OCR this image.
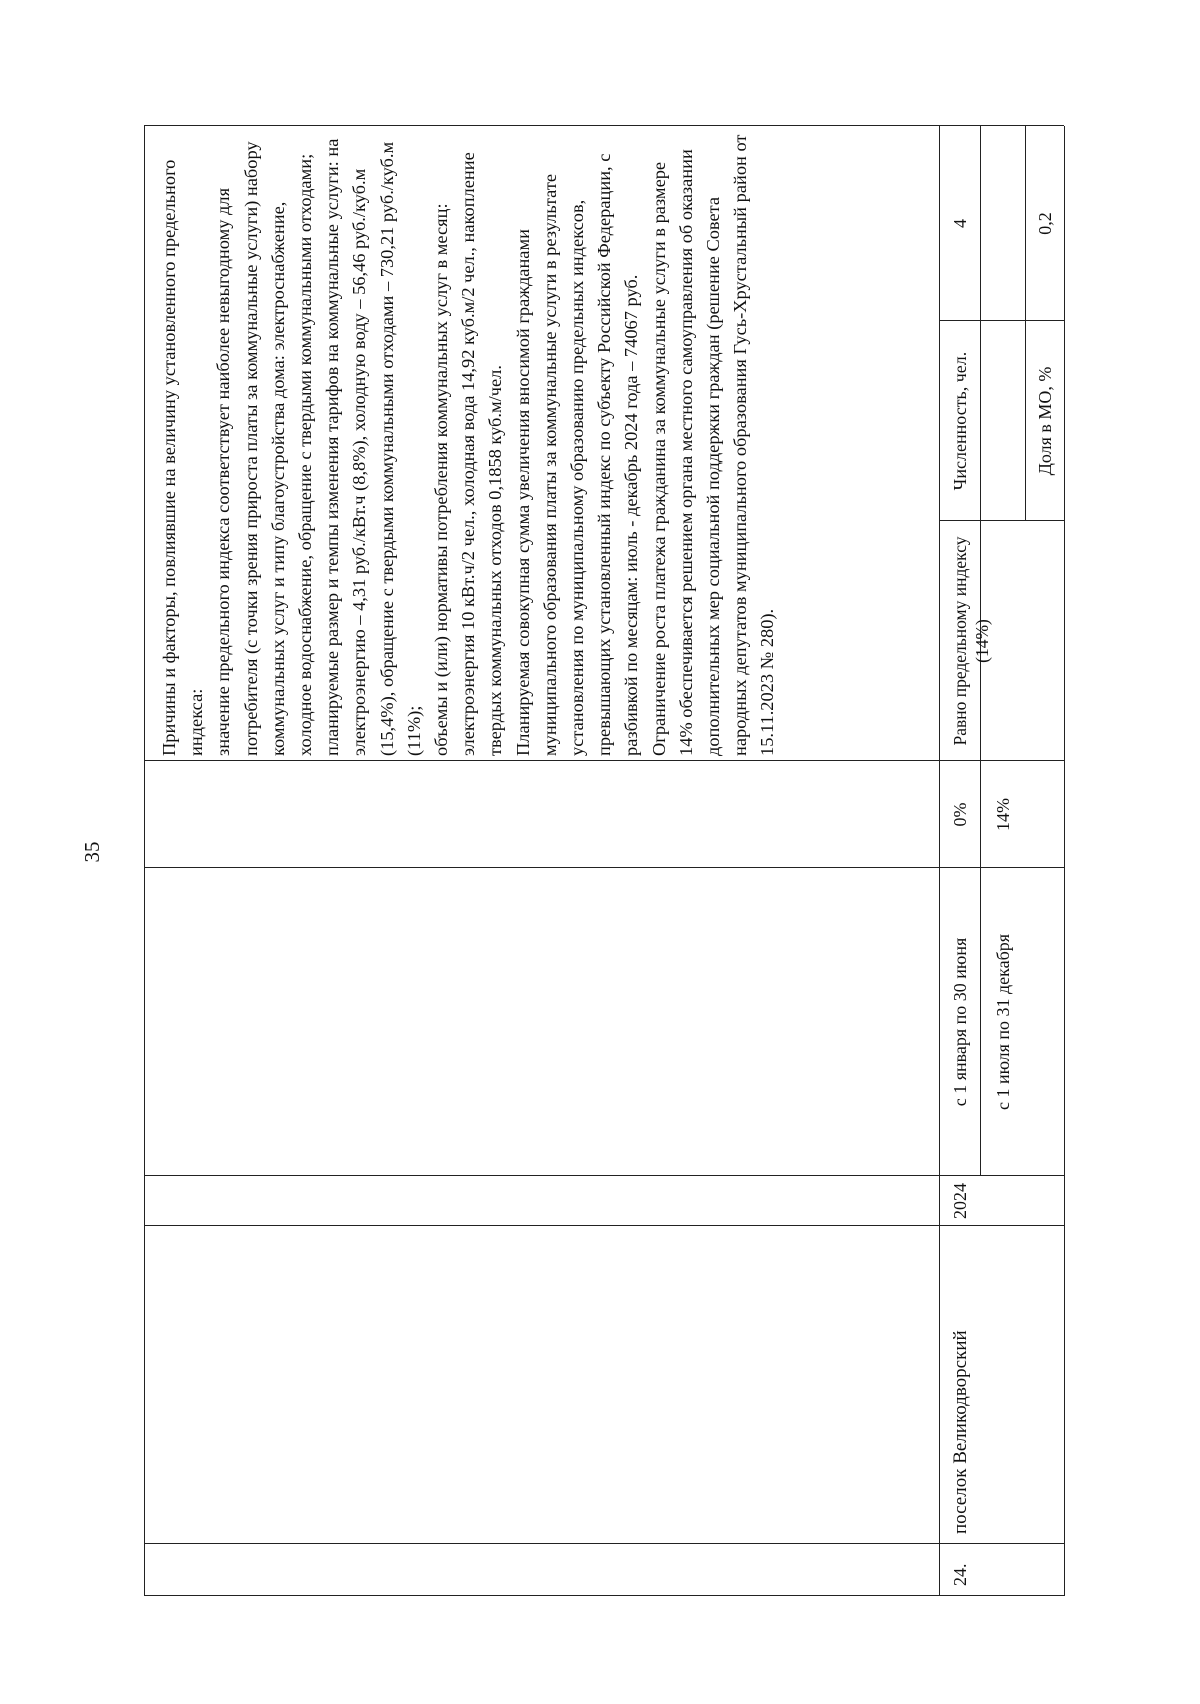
35
24.
поселок Великодворский
2024
с 1 января по 30 июня
0%
с 1 июля по 31 декабря
14%
Равно предельному индексу (14%)
Численность, чел.
4
Доля в МО, %
0,2

Причины и факторы, повлиявшие на величину установленного предельного индекса: значение предельного индекса соответствует наиболее невыгодному для потребителя (с точки зрения прироста платы за коммунальные услуги) набору коммунальных услуг и типу благоустройства дома: электроснабжение, холодное водоснабжение, обращение с твердыми коммунальными отходами; планируемые размер и темпы изменения тарифов на коммунальные услуги: на электроэнергию – 4,31 руб./кВт.ч (8,8%), холодную воду – 56,46 руб./куб.м (15,4%), обращение с твердыми коммунальными отходами – 730,21 руб./куб.м (11%); объемы и (или) нормативы потребления коммунальных услуг в месяц: электроэнергия 10 кВт.ч/2 чел., холодная вода 14,92 куб.м/2 чел., накопление твердых коммунальных отходов 0,1858 куб.м/чел. Планируемая совокупная сумма увеличения вносимой гражданами муниципального образования платы за коммунальные услуги в результате установления по муниципальному образованию предельных индексов, превышающих установленный индекс по субъекту Российской Федерации, с разбивкой по месяцам: июль - декабрь 2024 года – 74067 руб. Ограничение роста платежа гражданина за коммунальные услуги в размере 14% обеспечивается решением органа местного самоуправления об оказании дополнительных мер социальной поддержки граждан (решение Совета народных депутатов муниципального образования Гусь-Хрустальный район от 15.11.2023 № 280).
